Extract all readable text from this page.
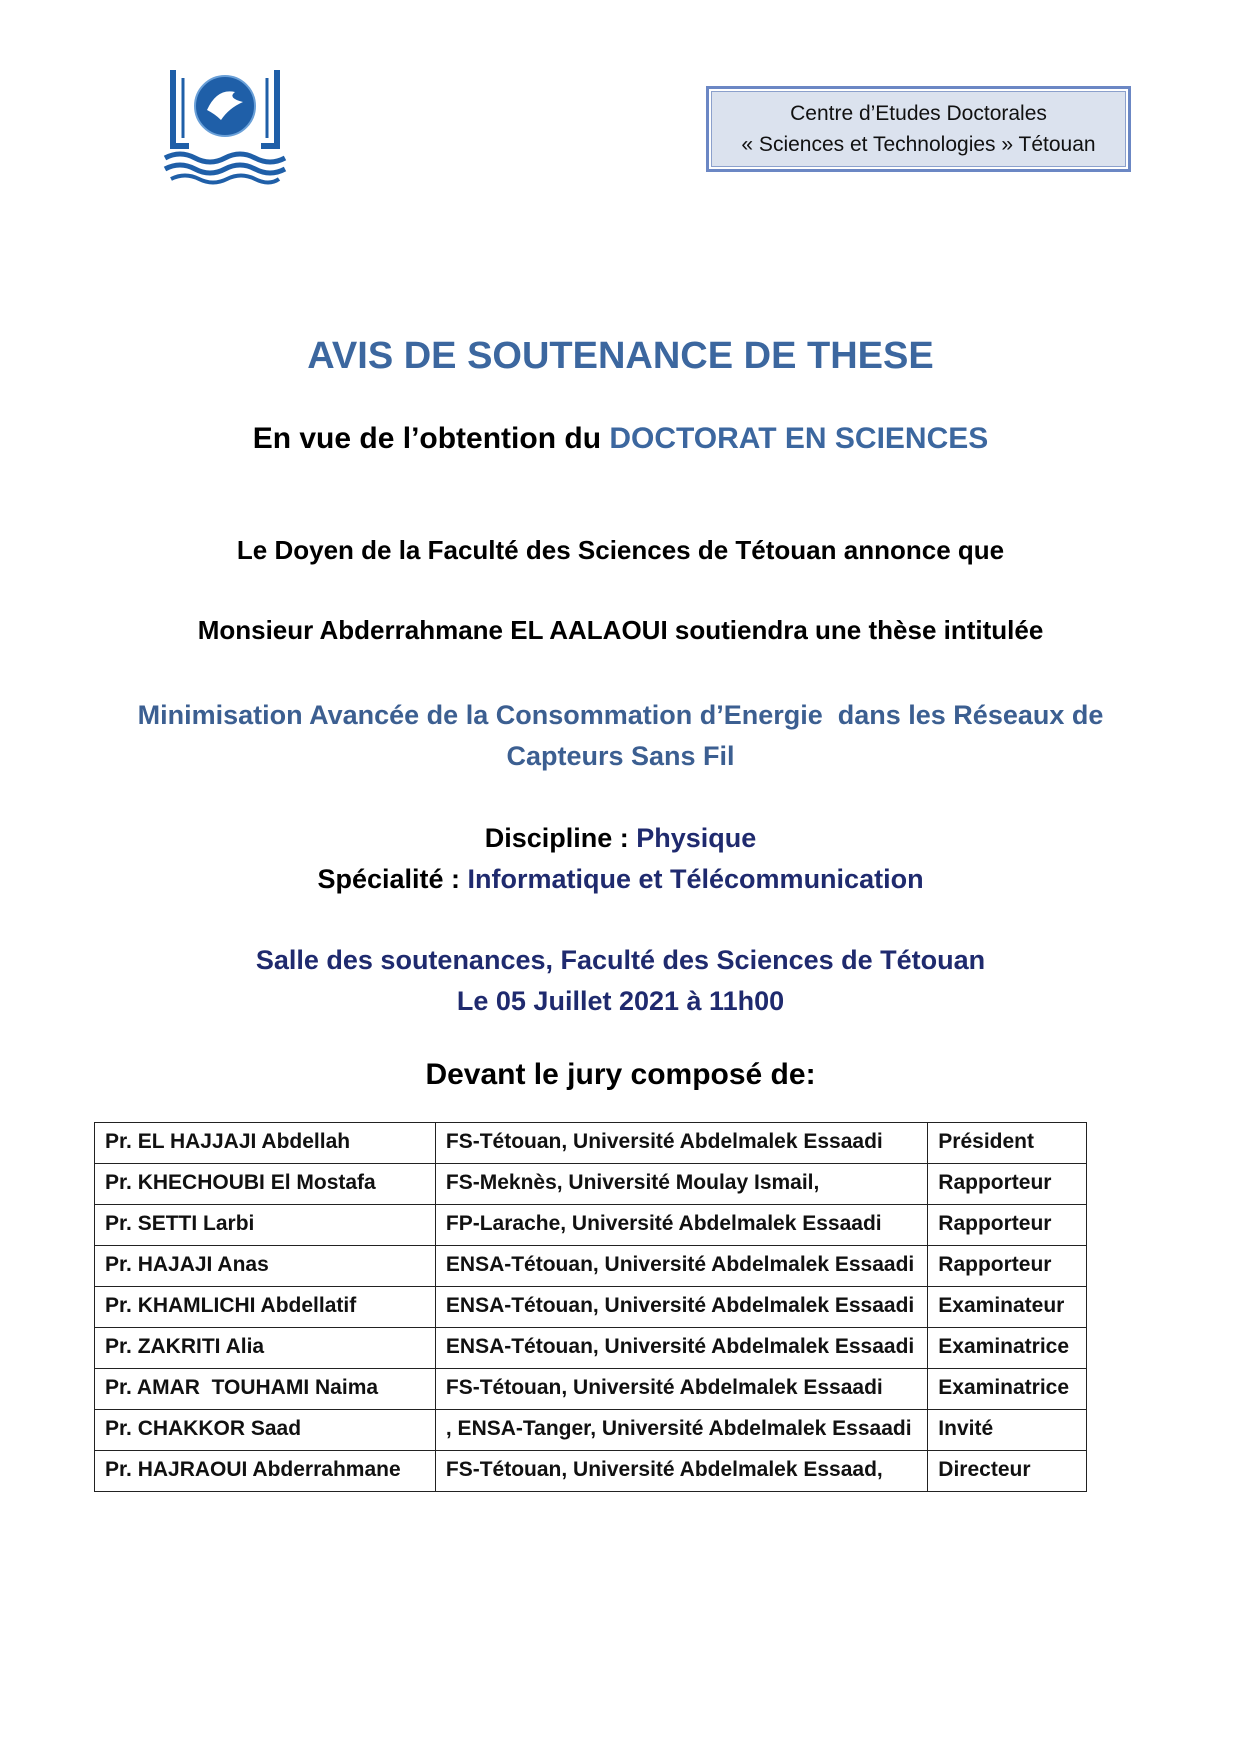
Centre d’Etudes Doctorales
« Sciences et Technologies » Tétouan
AVIS DE SOUTENANCE DE THESE
En vue de l’obtention du DOCTORAT EN SCIENCES
Le Doyen de la Faculté des Sciences de Tétouan annonce que
Monsieur Abderrahmane EL AALAOUI soutiendra une thèse intitulée
Minimisation Avancée de la Consommation d’Energie  dans les Réseaux de
Capteurs Sans Fil
Discipline : Physique
Spécialité : Informatique et Télécommunication
Salle des soutenances, Faculté des Sciences de Tétouan
Le 05 Juillet 2021 à 11h00
Devant le jury composé de:
Pr. EL HAJJAJI Abdellah	FS-Tétouan, Université Abdelmalek Essaadi	Président
Pr. KHECHOUBI El Mostafa	FS-Meknès, Université Moulay Ismail,	Rapporteur
Pr. SETTI Larbi	FP-Larache, Université Abdelmalek Essaadi	Rapporteur
Pr. HAJAJI Anas	ENSA-Tétouan, Université Abdelmalek Essaadi	Rapporteur
Pr. KHAMLICHI Abdellatif	ENSA-Tétouan, Université Abdelmalek Essaadi	Examinateur
Pr. ZAKRITI Alia	ENSA-Tétouan, Université Abdelmalek Essaadi	Examinatrice
Pr. AMAR  TOUHAMI Naima	FS-Tétouan, Université Abdelmalek Essaadi	Examinatrice
Pr. CHAKKOR Saad	, ENSA-Tanger, Université Abdelmalek Essaadi	Invité
Pr. HAJRAOUI Abderrahmane	FS-Tétouan, Université Abdelmalek Essaad,	Directeur
